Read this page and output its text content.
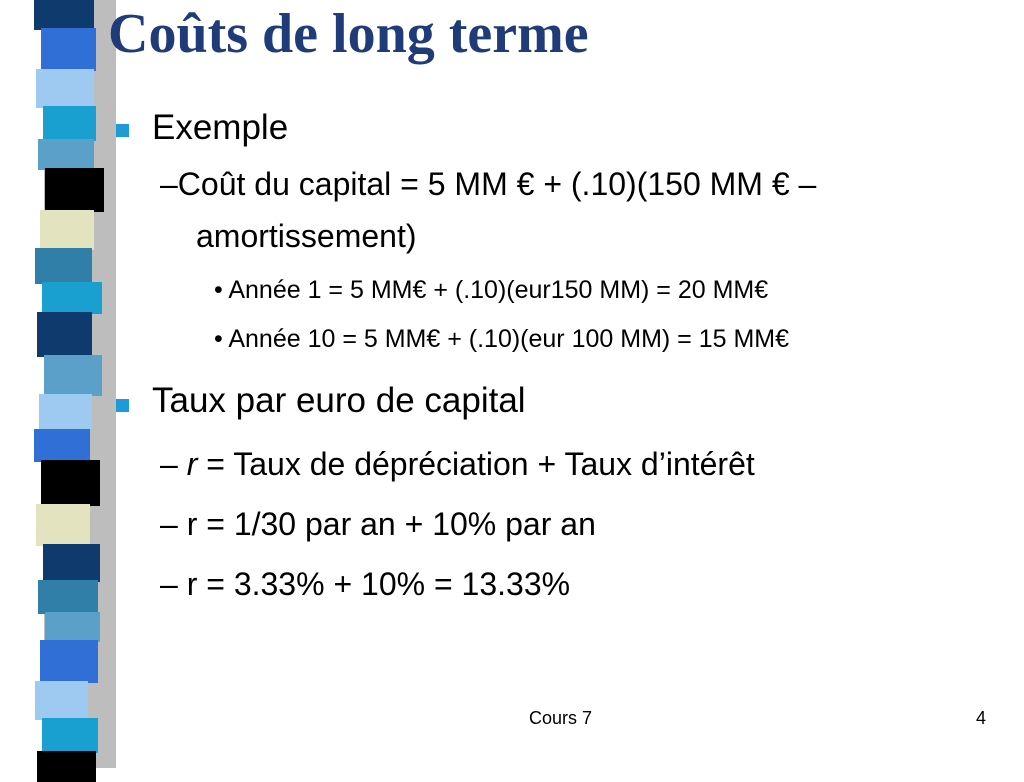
Coûts de long terme
Exemple
–Coût du capital = 5 MM € + (.10)(150 MM € –
amortissement)
• Année 1 = 5 MM€ + (.10)(eur150 MM) = 20 MM€
• Année 10 = 5 MM€ + (.10)(eur 100 MM) = 15 MM€
Taux par euro de capital
– r = Taux de dépréciation + Taux d’intérêt
– r = 1/30 par an + 10% par an
– r = 3.33% + 10% = 13.33%
Cours 7	4
